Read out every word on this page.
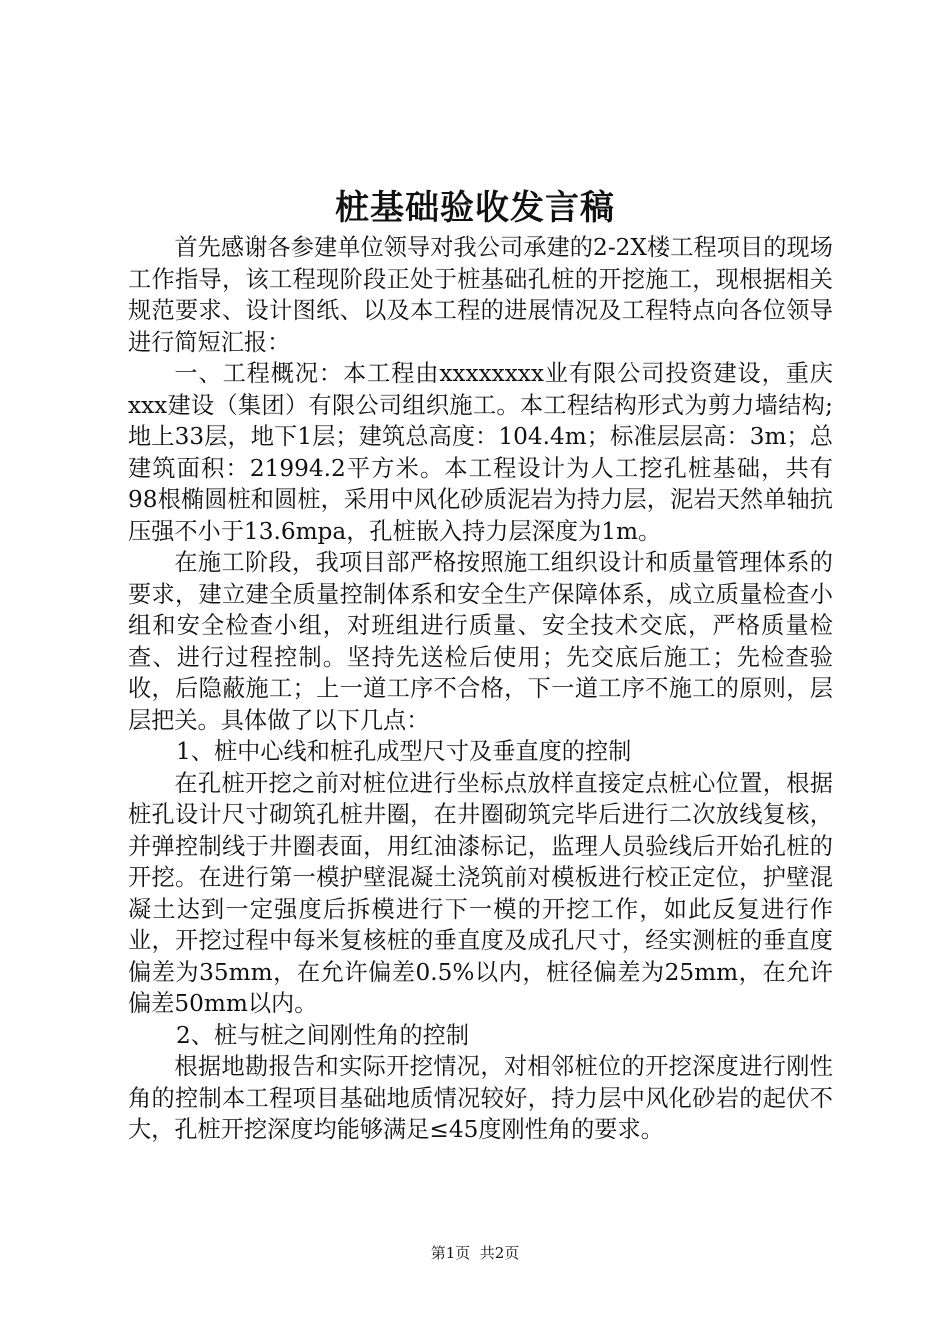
桩基础验收发言稿

首先感谢各参建单位领导对我公司承建的2-2X楼工程项目的现场工作指导，该工程现阶段正处于桩基础孔桩的开挖施工，现根据相关规范要求、设计图纸、以及本工程的进展情况及工程特点向各位领导进行简短汇报：

一、工程概况：本工程由xxxxxxxx业有限公司投资建设，重庆xxx建设（集团）有限公司组织施工。本工程结构形式为剪力墙结构;地上33层，地下1层；建筑总高度：104.4m；标准层层高：3m；总建筑面积：21994.2平方米。本工程设计为人工挖孔桩基础，共有98根椭圆桩和圆桩，采用中风化砂质泥岩为持力层，泥岩天然单轴抗压强不小于13.6mpa，孔桩嵌入持力层深度为1m。

在施工阶段，我项目部严格按照施工组织设计和质量管理体系的要求，建立建全质量控制体系和安全生产保障体系，成立质量检查小组和安全检查小组，对班组进行质量、安全技术交底，严格质量检查、进行过程控制。坚持先送检后使用；先交底后施工；先检查验收，后隐蔽施工；上一道工序不合格，下一道工序不施工的原则，层层把关。具体做了以下几点：

1、桩中心线和桩孔成型尺寸及垂直度的控制

在孔桩开挖之前对桩位进行坐标点放样直接定点桩心位置，根据桩孔设计尺寸砌筑孔桩井圈，在井圈砌筑完毕后进行二次放线复核，并弹控制线于井圈表面，用红油漆标记，监理人员验线后开始孔桩的开挖。在进行第一模护壁混凝土浇筑前对模板进行校正定位，护壁混凝土达到一定强度后拆模进行下一模的开挖工作，如此反复进行作业，开挖过程中每米复核桩的垂直度及成孔尺寸，经实测桩的垂直度偏差为35mm，在允许偏差0.5%以内，桩径偏差为25mm，在允许偏差50mm以内。

2、桩与桩之间刚性角的控制

根据地勘报告和实际开挖情况，对相邻桩位的开挖深度进行刚性角的控制本工程项目基础地质情况较好，持力层中风化砂岩的起伏不大，孔桩开挖深度均能够满足≤45度刚性角的要求。

第1页  共2页
